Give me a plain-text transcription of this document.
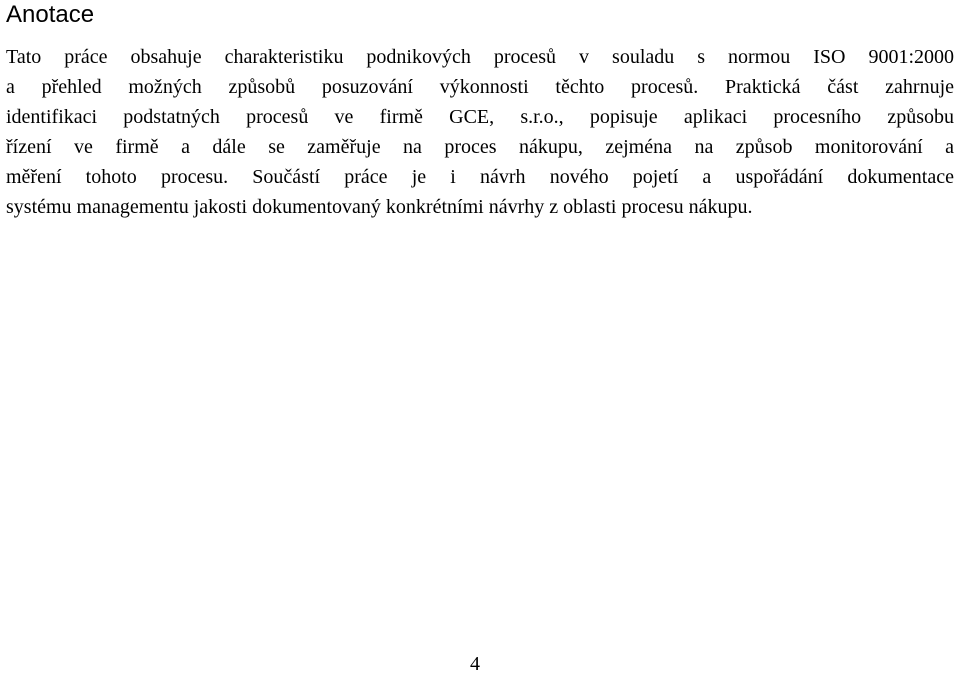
Anotace
Tato práce obsahuje charakteristiku podnikových procesů v souladu s normou ISO 9001:2000
a přehled možných způsobů posuzování výkonnosti těchto procesů. Praktická část zahrnuje
identifikaci podstatných procesů ve firmě GCE, s.r.o., popisuje aplikaci procesního způsobu
řízení ve firmě a dále se zaměřuje na proces nákupu, zejména na způsob monitorování a
měření tohoto procesu. Součástí práce je i návrh nového pojetí a uspořádání dokumentace
systému managementu jakosti dokumentovaný konkrétními návrhy z oblasti procesu nákupu.
4
